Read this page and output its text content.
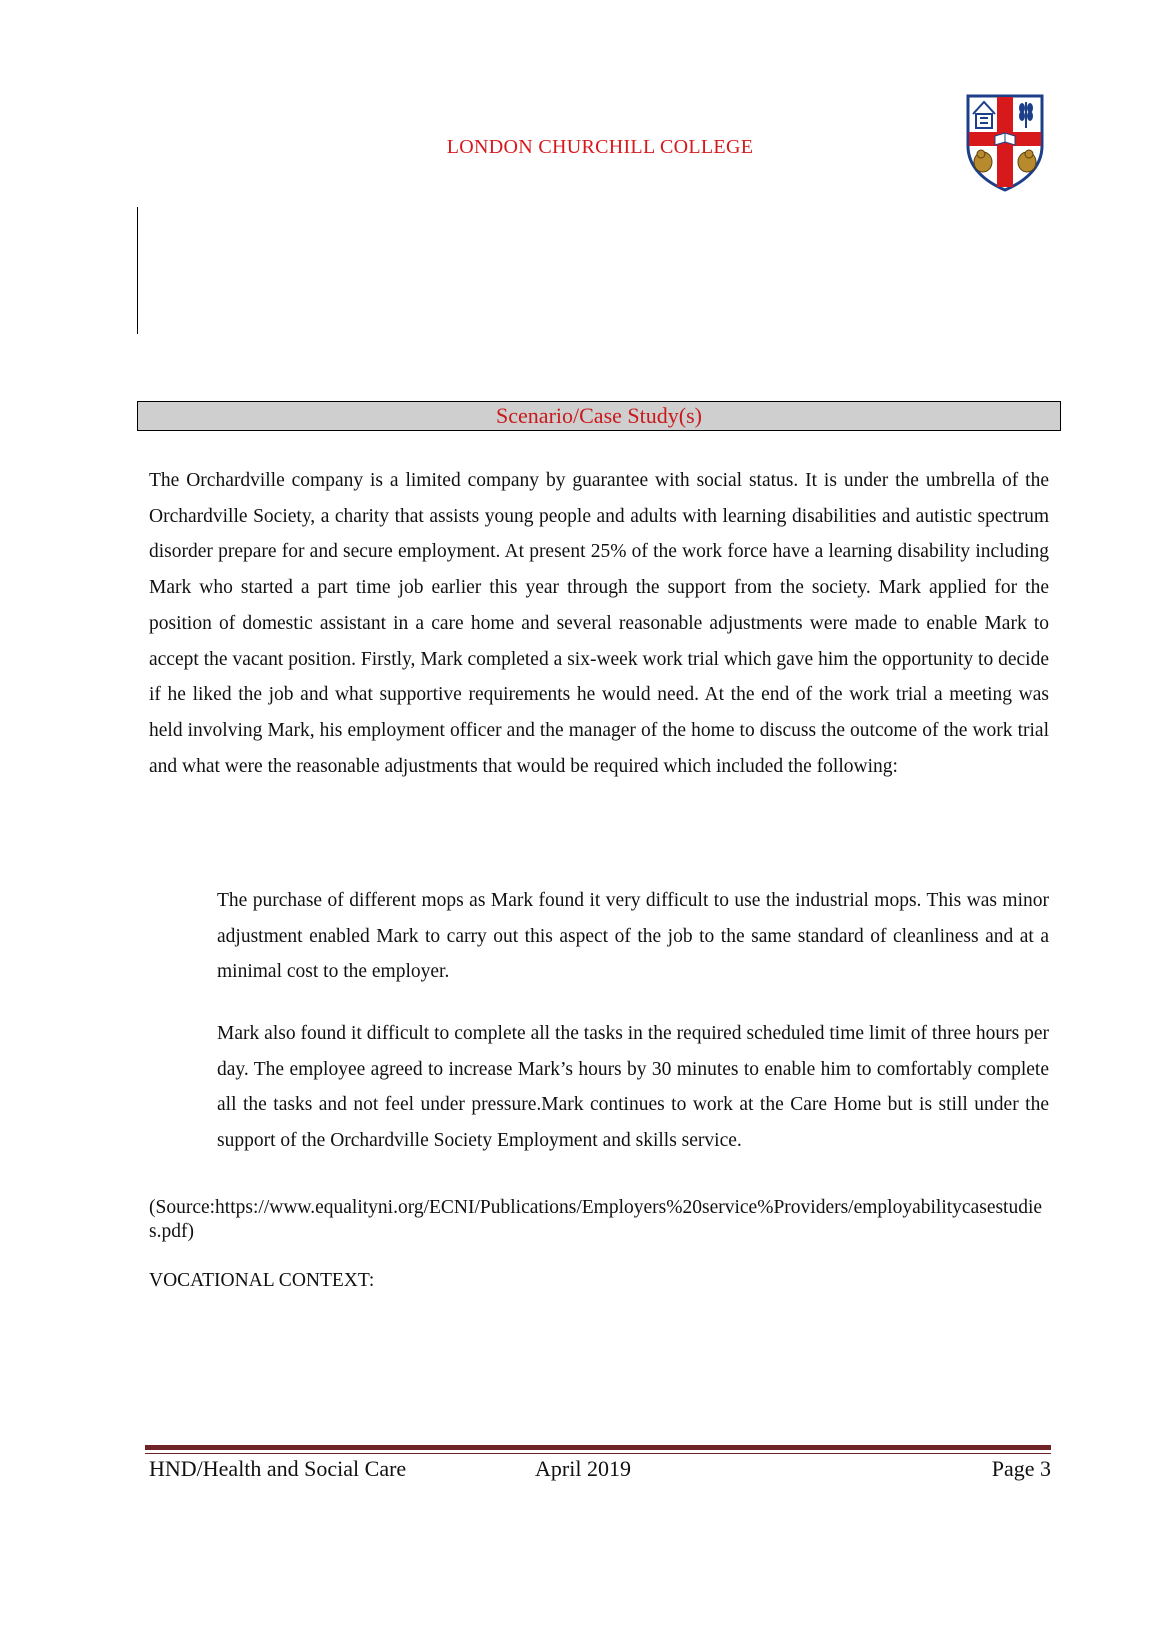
LONDON CHURCHILL COLLEGE
Scenario/Case Study(s)
The Orchardville company is a limited company by guarantee with social status. It is under the umbrella of the Orchardville Society, a charity that assists young people and adults with learning disabilities and autistic spectrum disorder prepare for and secure employment. At present 25% of the work force have a learning disability including Mark who started a part time job earlier this year through the support from the society. Mark applied for the position of domestic assistant in a care home and several reasonable adjustments were made to enable Mark to accept the vacant position. Firstly, Mark completed a six-week work trial which gave him the opportunity to decide if he liked the job and what supportive requirements he would need. At the end of the work trial a meeting was held involving Mark, his employment officer and the manager of the home to discuss the outcome of the work trial and what were the reasonable adjustments that would be required which included the following:
The purchase of different mops as Mark found it very difficult to use the industrial mops. This was minor adjustment enabled Mark to carry out this aspect of the job to the same standard of cleanliness and at a minimal cost to the employer.
Mark also found it difficult to complete all the tasks in the required scheduled time limit of three hours per day. The employee agreed to increase Mark’s hours by 30 minutes to enable him to comfortably complete all the tasks and not feel under pressure.Mark continues to work at the Care Home but is still under the support of the Orchardville Society Employment and skills service.
(Source:https://www.equalityni.org/ECNI/Publications/Employers%20service%Providers/employabilitycasestudies.pdf)
VOCATIONAL CONTEXT:
HND/Health and Social Care	April 2019	Page 3
